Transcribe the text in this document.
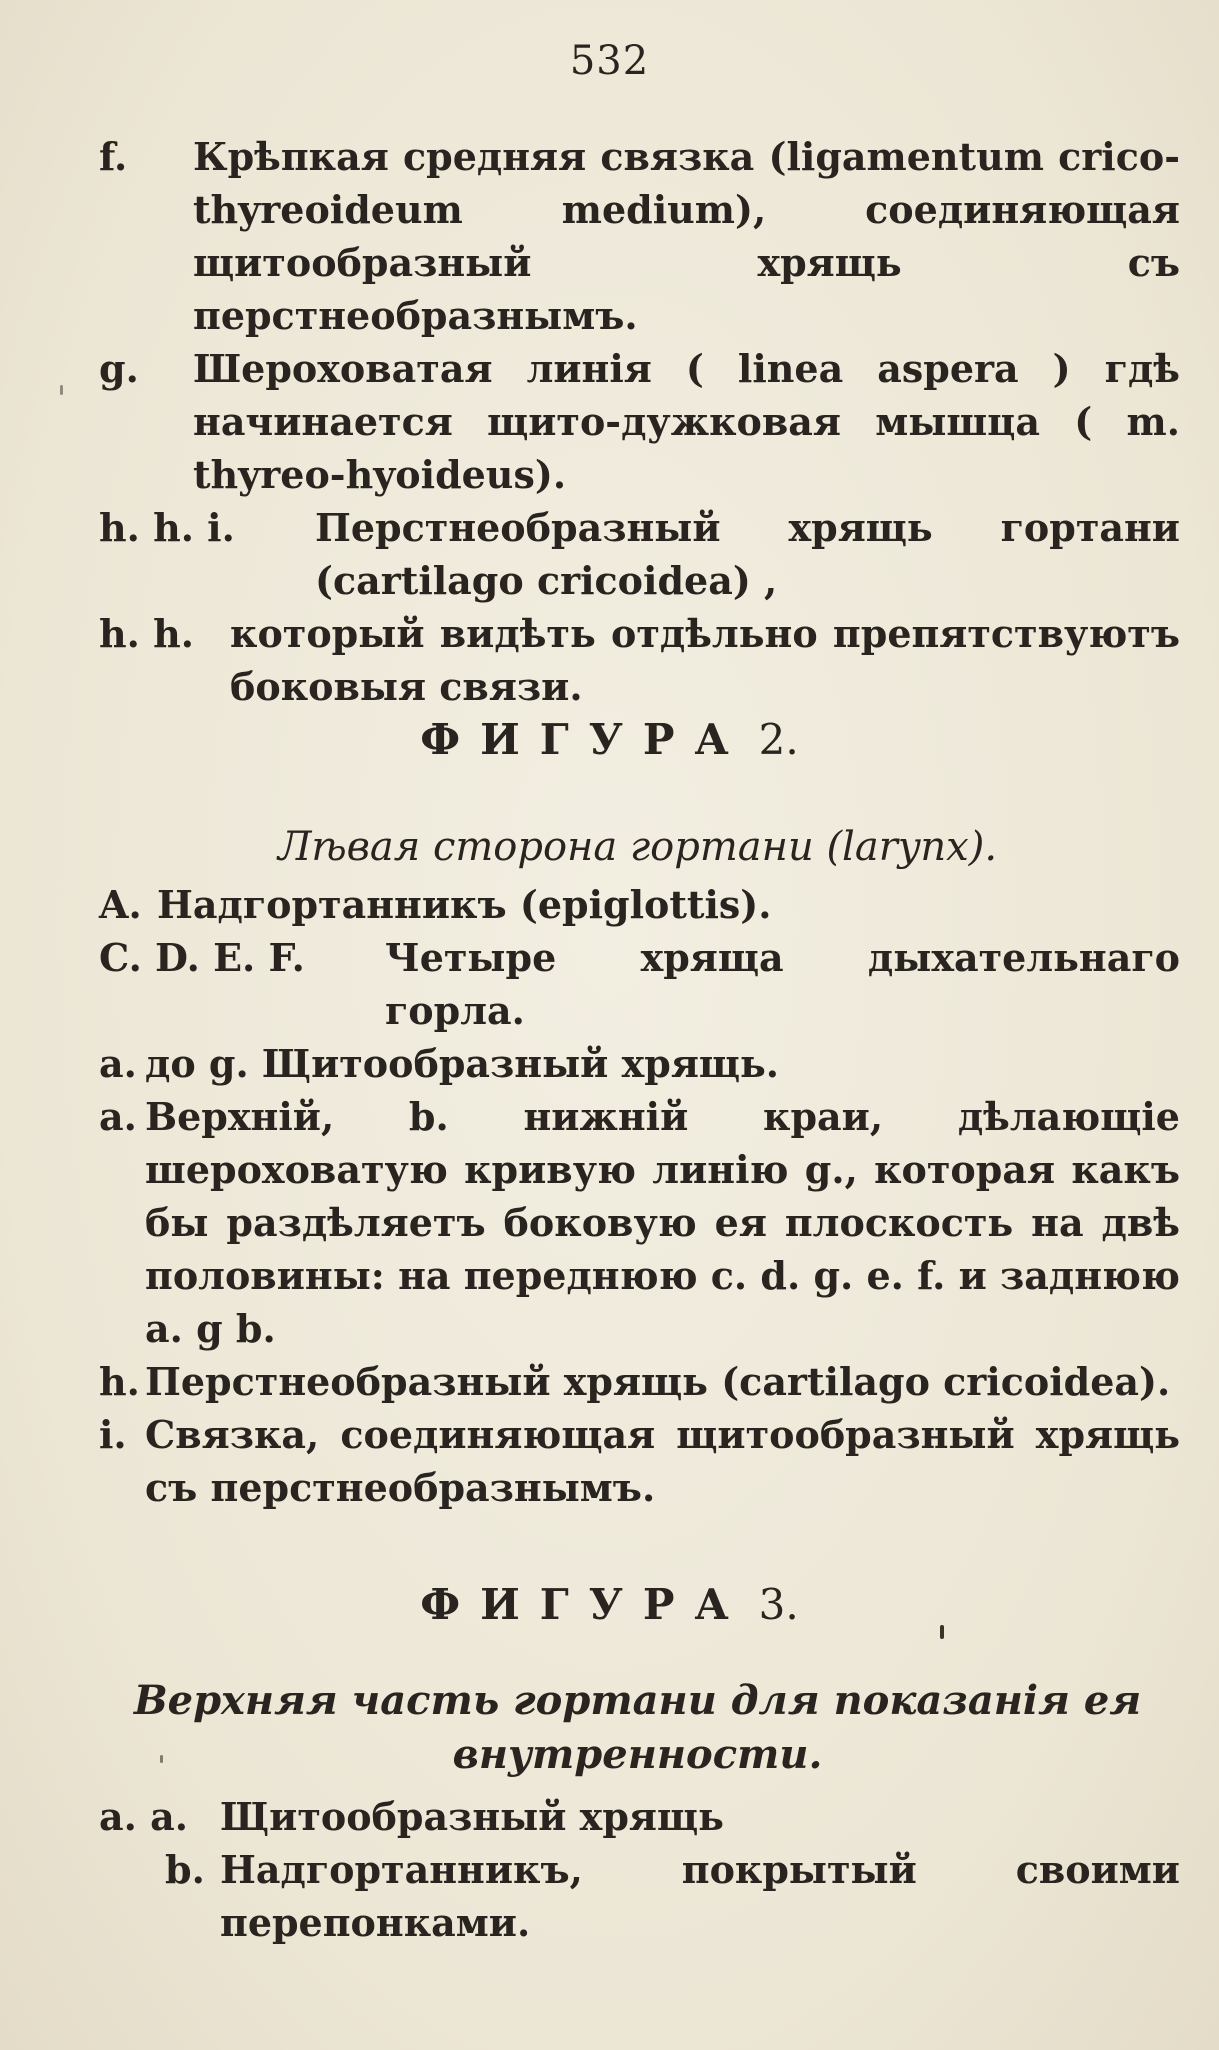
532
f. Крѣпкая средняя связка (ligamentum crico-thyreoideum medium), соединяющая щитообразный хрящь съ перстнеобразнымъ.
g. Шероховатая линія ( linea aspera ) гдѣ начинается щито-дужковая мышца ( m. thyreo-hyoideus).
h. h. i. Перстнеобразный хрящь гортани (cartilago cricoidea) ,
h. h. который видѣть отдѣльно препятствуютъ боковыя связи.
ФИГУРА 2.
Лѣвая сторона гортани (larynx).
A. Надгортанникъ (epiglottis).
C. D. E. F. Четыре хряща дыхательнаго горла.
a. до g. Щитообразный хрящь.
a. Верхній, b. нижній краи, дѣлающіе шероховатую кривую линію g., которая какъ бы раздѣляетъ боковую ея плоскость на двѣ половины: на переднюю c. d. g. e. f. и заднюю a. g b.
h. Перстнеобразный хрящь (cartilago cricoidea).
i. Связка, соединяющая щитообразный хрящь съ перстнеобразнымъ.
ФИГУРА 3.
Верхняя часть гортани для показанія ея внутренности.
a. a. Щитообразный хрящь
b. Надгортанникъ, покрытый своими перепонками.
